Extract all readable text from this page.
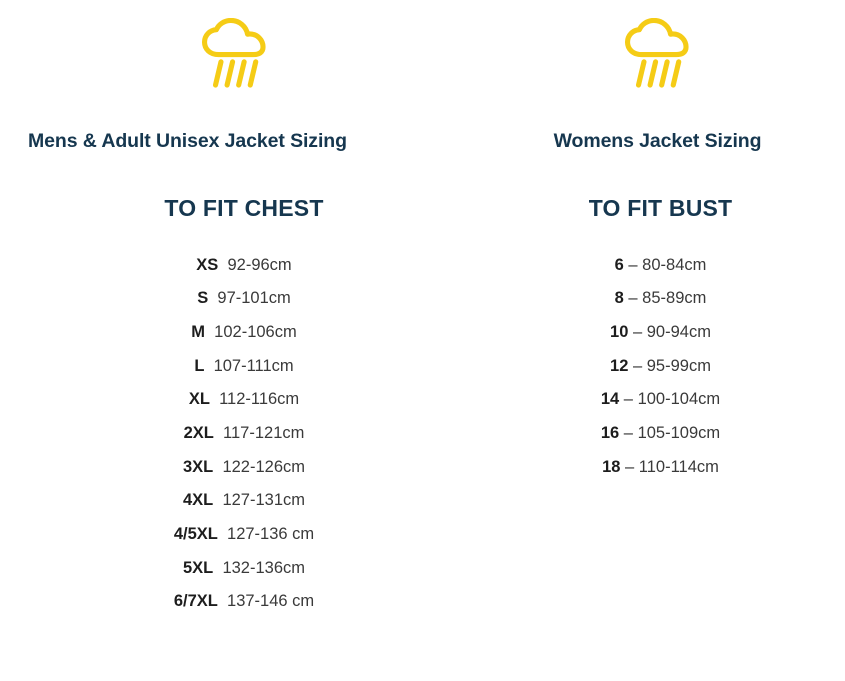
Mens & Adult Unisex Jacket Sizing
TO FIT CHEST
XS
92-96cm
S
97-101cm
M
102-106cm
L
107-111cm
XL
112-116cm
2XL
117-121cm
3XL
122-126cm
4XL
127-131cm
4/5XL
127-136 cm
5XL
132-136cm
6/7XL
137-146 cm
Womens Jacket Sizing
TO FIT BUST
6 – 80-84cm
8 – 85-89cm
10 – 90-94cm
12 – 95-99cm
14 – 100-104cm
16 – 105-109cm
18 – 110-114cm
